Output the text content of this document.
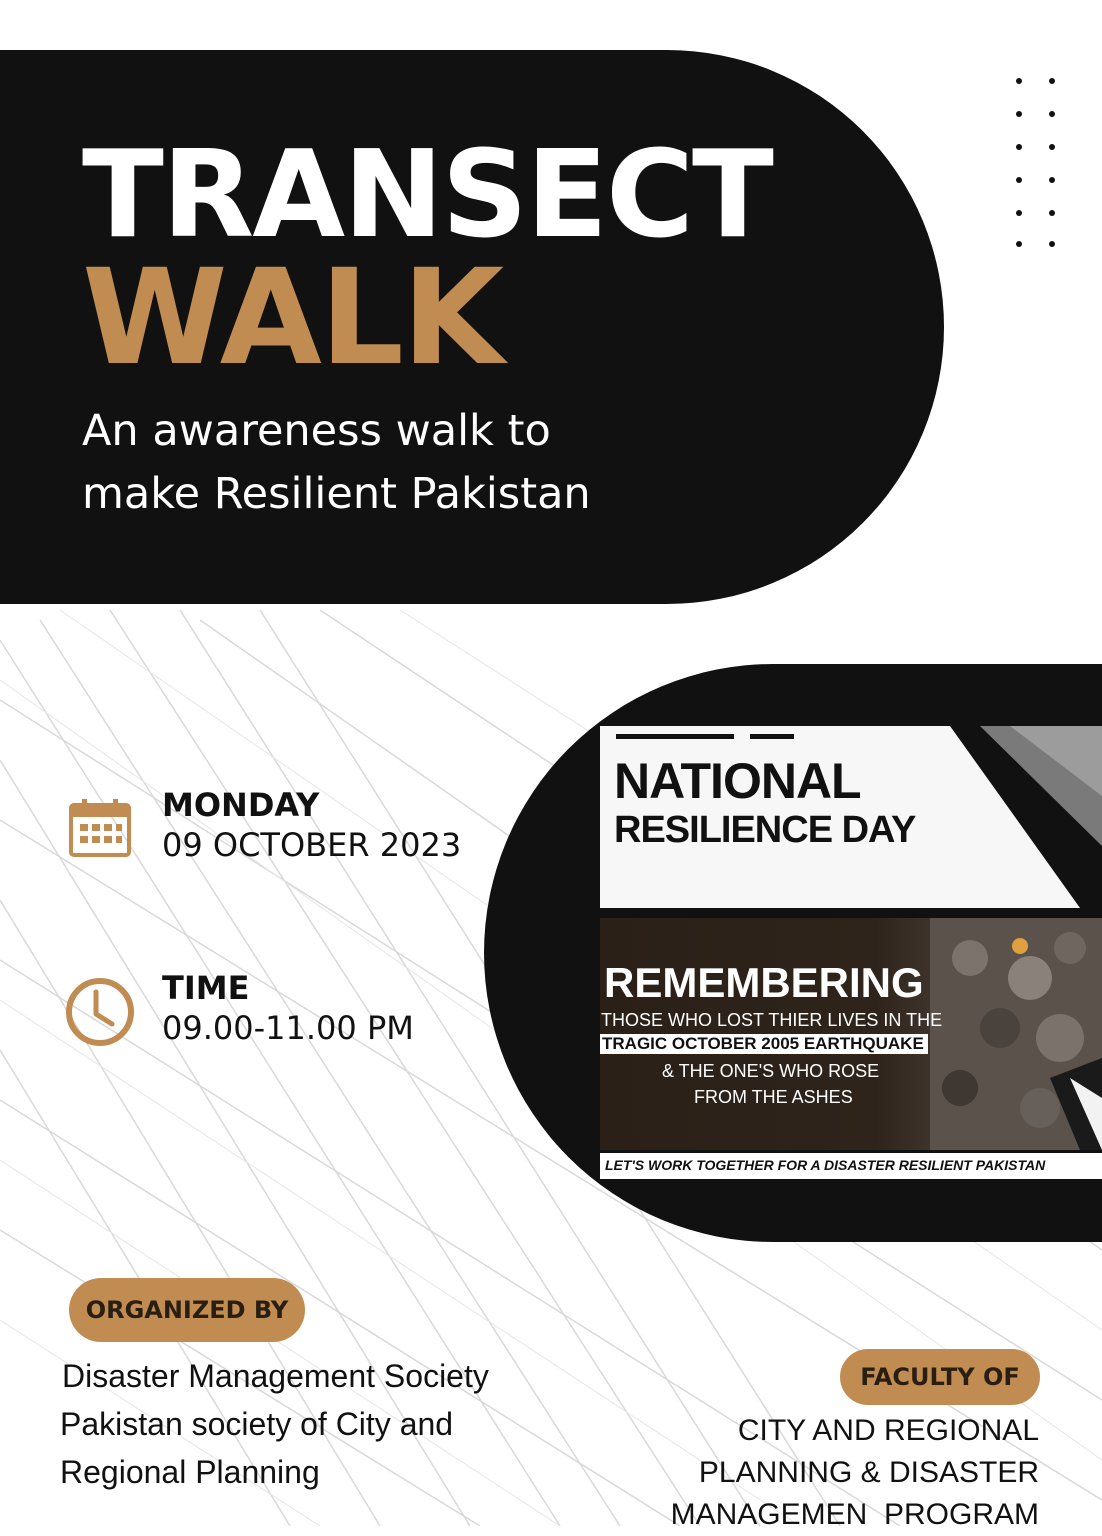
TRANSECT
WALK
An awareness walk to
make Resilient Pakistan
MONDAY
09 OCTOBER 2023
TIME
09.00-11.00 PM
NATIONAL
RESILIENCE DAY
REMEMBERING
THOSE WHO LOST THIER LIVES IN THE
TRAGIC OCTOBER 2005 EARTHQUAKE
& THE ONE'S WHO ROSE
FROM THE ASHES
LET'S WORK TOGETHER FOR A DISASTER RESILIENT PAKISTAN
ORGANIZED BY
Disaster Management Society
Pakistan society of City and
Regional Planning
FACULTY OF
CITY AND REGIONAL
PLANNING & DISASTER
MANAGEMEN  PROGRAM
